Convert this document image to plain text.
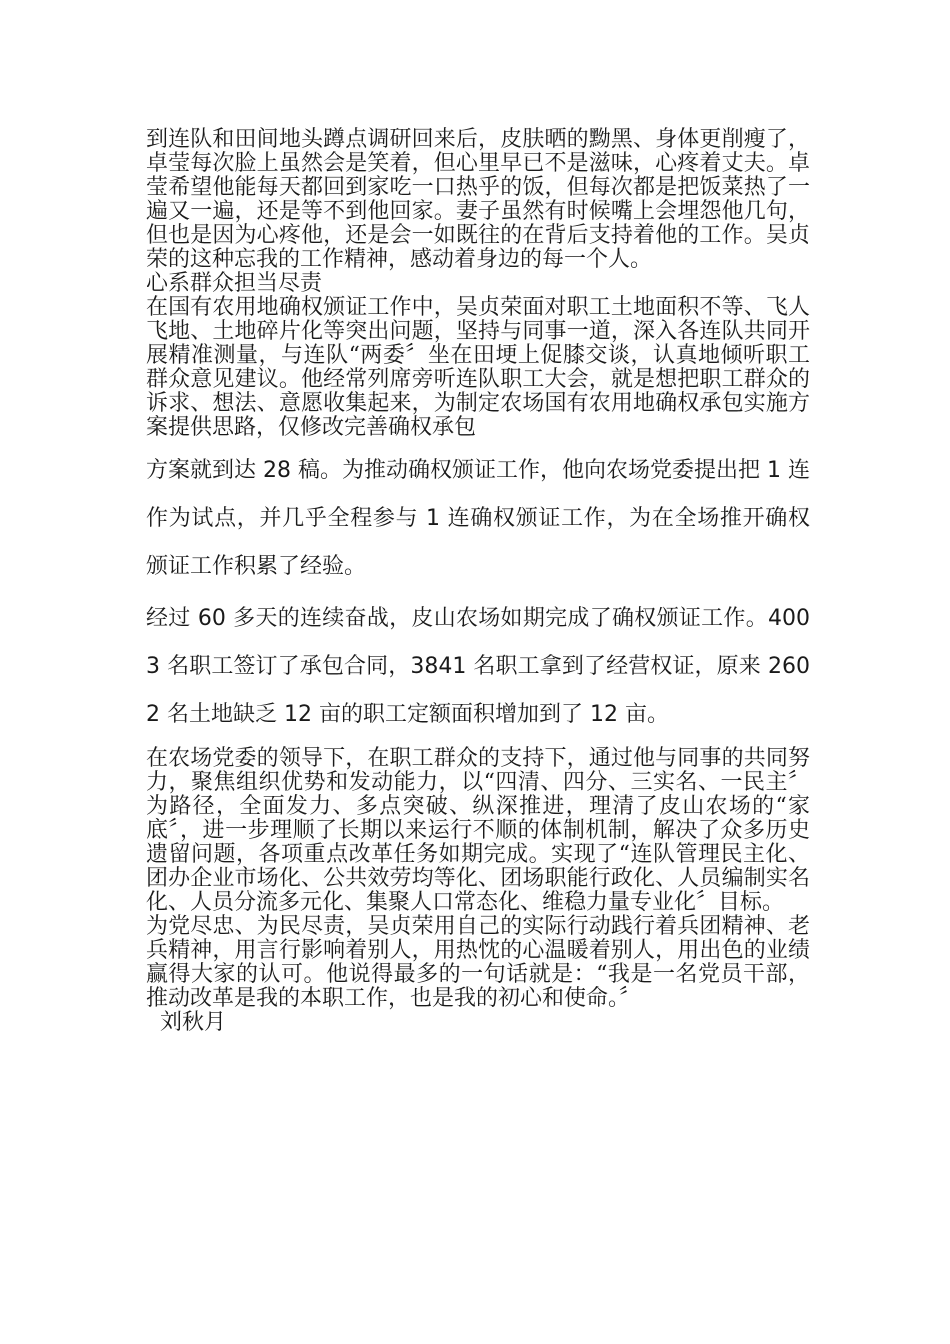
到连队和田间地头蹲点调研回来后，皮肤晒的黝黑、身体更削瘦了，卓莹每次脸上虽然会是笑着，但心里早已不是滋味，心疼着丈夫。卓莹希望他能每天都回到家吃一口热乎的饭，但每次都是把饭菜热了一遍又一遍，还是等不到他回家。妻子虽然有时候嘴上会埋怨他几句，但也是因为心疼他，还是会一如既往的在背后支持着他的工作。吴贞荣的这种忘我的工作精神，感动着身边的每一个人。

心系群众担当尽责

在国有农用地确权颁证工作中，吴贞荣面对职工土地面积不等、飞人飞地、土地碎片化等突出问题，坚持与同事一道，深入各连队共同开展精准测量，与连队“两委〞坐在田埂上促膝交谈，认真地倾听职工群众意见建议。他经常列席旁听连队职工大会，就是想把职工群众的诉求、想法、意愿收集起来，为制定农场国有农用地确权承包实施方案提供思路，仅修改完善确权承包

方案就到达 28 稿。为推动确权颁证工作，他向农场党委提出把 1 连作为试点，并几乎全程参与 1 连确权颁证工作，为在全场推开确权颁证工作积累了经验。

经过 60 多天的连续奋战，皮山农场如期完成了确权颁证工作。4003 名职工签订了承包合同，3841 名职工拿到了经营权证，原来 2602 名土地缺乏 12 亩的职工定额面积增加到了 12 亩。

在农场党委的领导下，在职工群众的支持下，通过他与同事的共同努力，聚焦组织优势和发动能力，以“四清、四分、三实名、一民主〞为路径，全面发力、多点突破、纵深推进，理清了皮山农场的“家底〞，进一步理顺了长期以来运行不顺的体制机制，解决了众多历史遗留问题，各项重点改革任务如期完成。实现了“连队管理民主化、团办企业市场化、公共效劳均等化、团场职能行政化、人员编制实名化、人员分流多元化、集聚人口常态化、维稳力量专业化〞目标。

为党尽忠、为民尽责，吴贞荣用自己的实际行动践行着兵团精神、老兵精神，用言行影响着别人，用热忱的心温暖着别人，用出色的业绩赢得大家的认可。他说得最多的一句话就是：“我是一名党员干部，推动改革是我的本职工作，也是我的初心和使命。〞

刘秋月
